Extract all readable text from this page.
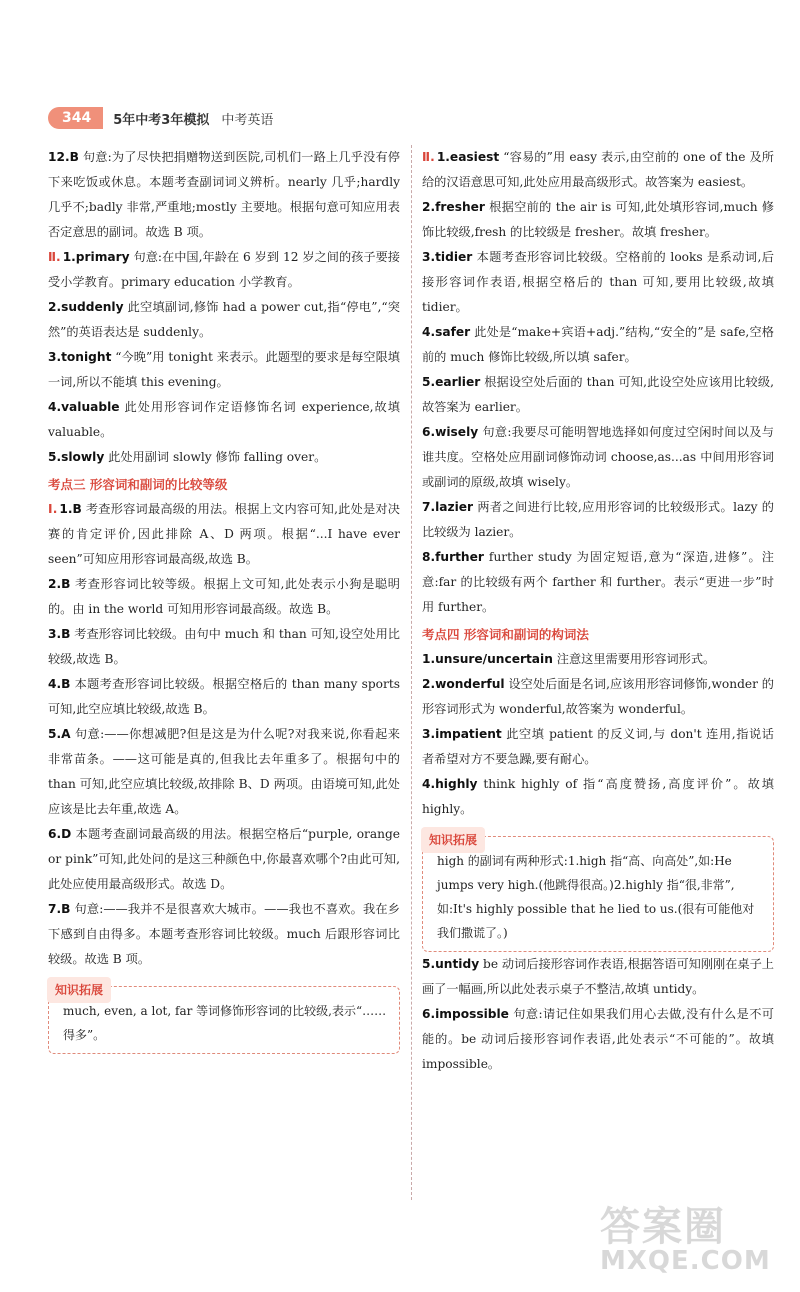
344	5年中考3年模拟 中考英语

12.B 句意:为了尽快把捐赠物送到医院,司机们一路上几乎没有停下来吃饭或休息。本题考查副词词义辨析。nearly 几乎;hardly 几乎不;badly 非常,严重地;mostly 主要地。根据句意可知应用表否定意思的副词。故选 B 项。

Ⅱ. 1.primary 句意:在中国,年龄在 6 岁到 12 岁之间的孩子要接受小学教育。primary education 小学教育。

2.suddenly 此空填副词,修饰 had a power cut,指“停电”,“突然”的英语表达是 suddenly。

3.tonight “今晚”用 tonight 来表示。此题型的要求是每空限填一词,所以不能填 this evening。

4.valuable 此处用形容词作定语修饰名词 experience,故填 valuable。

5.slowly 此处用副词 slowly 修饰 falling over。

考点三 形容词和副词的比较等级

Ⅰ. 1.B 考查形容词最高级的用法。根据上文内容可知,此处是对决赛的肯定评价,因此排除 A、D 两项。根据“...I have ever seen”可知应用形容词最高级,故选 B。

2.B 考查形容词比较等级。根据上文可知,此处表示小狗是聪明的。由 in the world 可知用形容词最高级。故选 B。

3.B 考查形容词比较级。由句中 much 和 than 可知,设空处用比较级,故选 B。

4.B 本题考查形容词比较级。根据空格后的 than many sports 可知,此空应填比较级,故选 B。

5.A 句意:——你想减肥?但是这是为什么呢?对我来说,你看起来非常苗条。——这可能是真的,但我比去年重多了。根据句中的 than 可知,此空应填比较级,故排除 B、D 两项。由语境可知,此处应该是比去年重,故选 A。

6.D 本题考查副词最高级的用法。根据空格后“purple, orange or pink”可知,此处问的是这三种颜色中,你最喜欢哪个?由此可知,此处应使用最高级形式。故选 D。

7.B 句意:——我并不是很喜欢大城市。——我也不喜欢。我在乡下感到自由得多。本题考查形容词比较级。much 后跟形容词比较级。故选 B 项。

知识拓展
much, even, a lot, far 等词修饰形容词的比较级,表示“……得多”。

Ⅱ. 1.easiest “容易的”用 easy 表示,由空前的 one of the 及所给的汉语意思可知,此处应用最高级形式。故答案为 easiest。

2.fresher 根据空前的 the air is 可知,此处填形容词,much 修饰比较级,fresh 的比较级是 fresher。故填 fresher。

3.tidier 本题考查形容词比较级。空格前的 looks 是系动词,后接形容词作表语,根据空格后的 than 可知,要用比较级,故填 tidier。

4.safer 此处是“make+宾语+adj.”结构,“安全的”是 safe,空格前的 much 修饰比较级,所以填 safer。

5.earlier 根据设空处后面的 than 可知,此设空处应该用比较级,故答案为 earlier。

6.wisely 句意:我要尽可能明智地选择如何度过空闲时间以及与谁共度。空格处应用副词修饰动词 choose,as...as 中间用形容词或副词的原级,故填 wisely。

7.lazier 两者之间进行比较,应用形容词的比较级形式。lazy 的比较级为 lazier。

8.further further study 为固定短语,意为“深造,进修”。注意:far 的比较级有两个 farther 和 further。表示“更进一步”时用 further。

考点四 形容词和副词的构词法

1.unsure/uncertain 注意这里需要用形容词形式。

2.wonderful 设空处后面是名词,应该用形容词修饰,wonder 的形容词形式为 wonderful,故答案为 wonderful。

3.impatient 此空填 patient 的反义词,与 don't 连用,指说话者希望对方不要急躁,要有耐心。

4.highly think highly of 指“高度赞扬,高度评价”。故填 highly。

知识拓展
high 的副词有两种形式:1.high 指“高、向高处”,如:He jumps very high.(他跳得很高。)2.highly 指“很,非常”,如:It's highly possible that he lied to us.(很有可能他对我们撒谎了。)

5.untidy be 动词后接形容词作表语,根据答语可知刚刚在桌子上画了一幅画,所以此处表示桌子不整洁,故填 untidy。

6.impossible 句意:请记住如果我们用心去做,没有什么是不可能的。be 动词后接形容词作表语,此处表示“不可能的”。故填 impossible。

答案圈
MXQE.COM
